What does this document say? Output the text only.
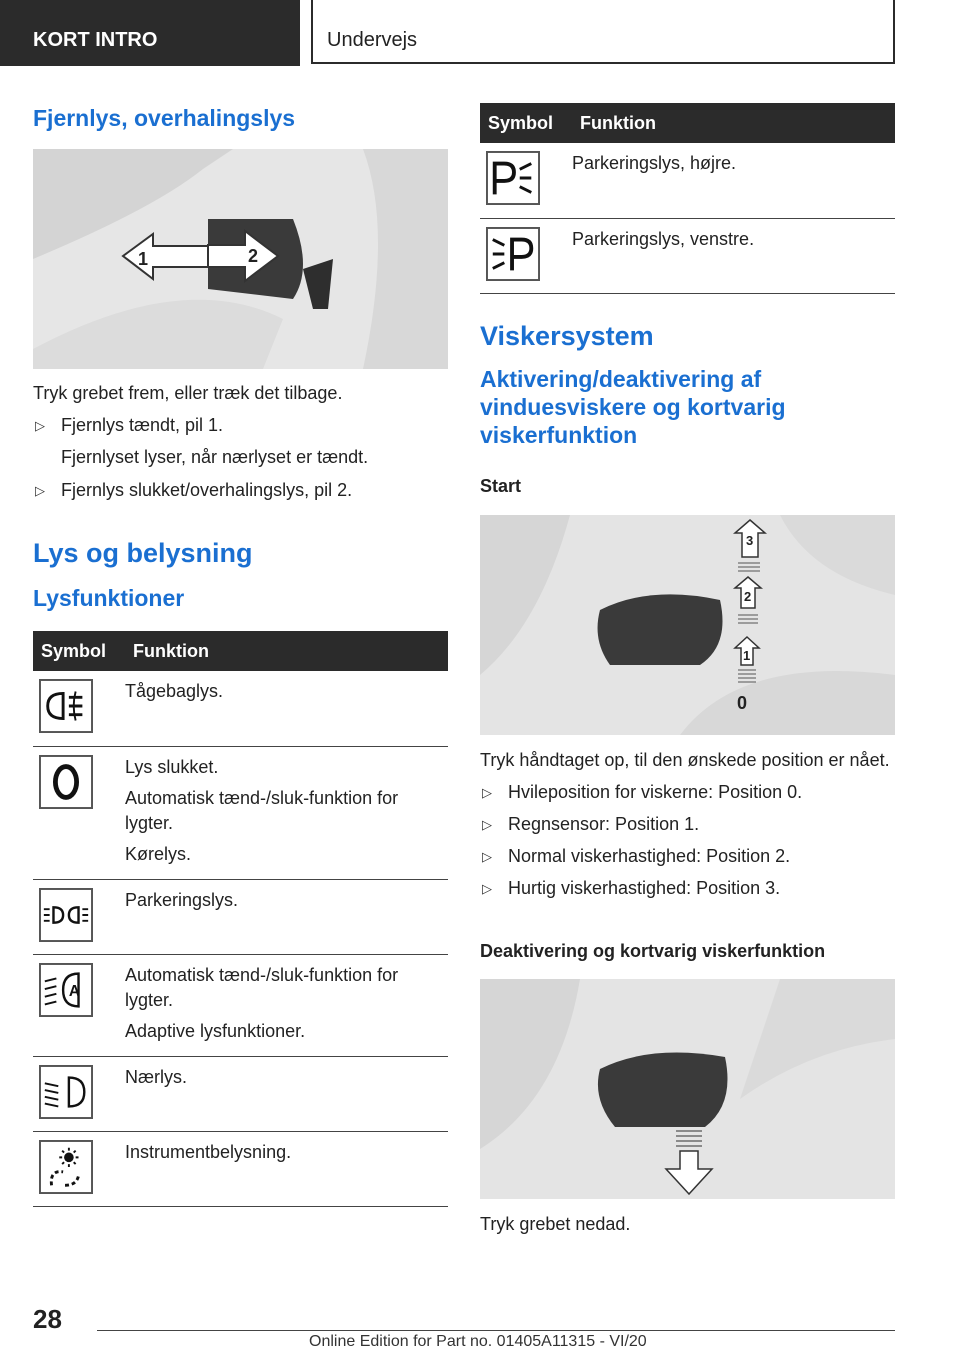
KORT INTRO	Undervejs
Fjernlys, overhalingslys
1	2

Tryk grebet frem, eller træk det tilbage.

▷ Fjernlys tændt, pil 1.
Fjernlyset lyser, når nærlyset er tændt.
▷ Fjernlys slukket/overhalingslys, pil 2.
Lys og belysning
Lysfunktioner
Symbol	Funktion

Tågebaglys.

Lys slukket.
Automatisk tænd-/sluk-funktion for lygter.
Kørelys.

Parkeringslys.

A	Automatisk tænd-/sluk-funktion for lygter.
Adaptive lysfunktioner.

Nærlys.

Instrumentbelysning.
Symbol	Funktion

Parkeringslys, højre.

Parkeringslys, venstre.
Viskersystem
Aktivering/deaktivering af vinduesviskere og kortvarig viskerfunktion
Start
3
2
1
0

Tryk håndtaget op, til den ønskede position er nået.

▷ Hvileposition for viskerne: Position 0.
▷ Regnsensor: Position 1.
▷ Normal viskerhastighed: Position 2.
▷ Hurtig viskerhastighed: Position 3.
Deaktivering og kortvarig viskerfunktion

Tryk grebet nedad.

28
Online Edition for Part no. 01405A11315 - VI/20
